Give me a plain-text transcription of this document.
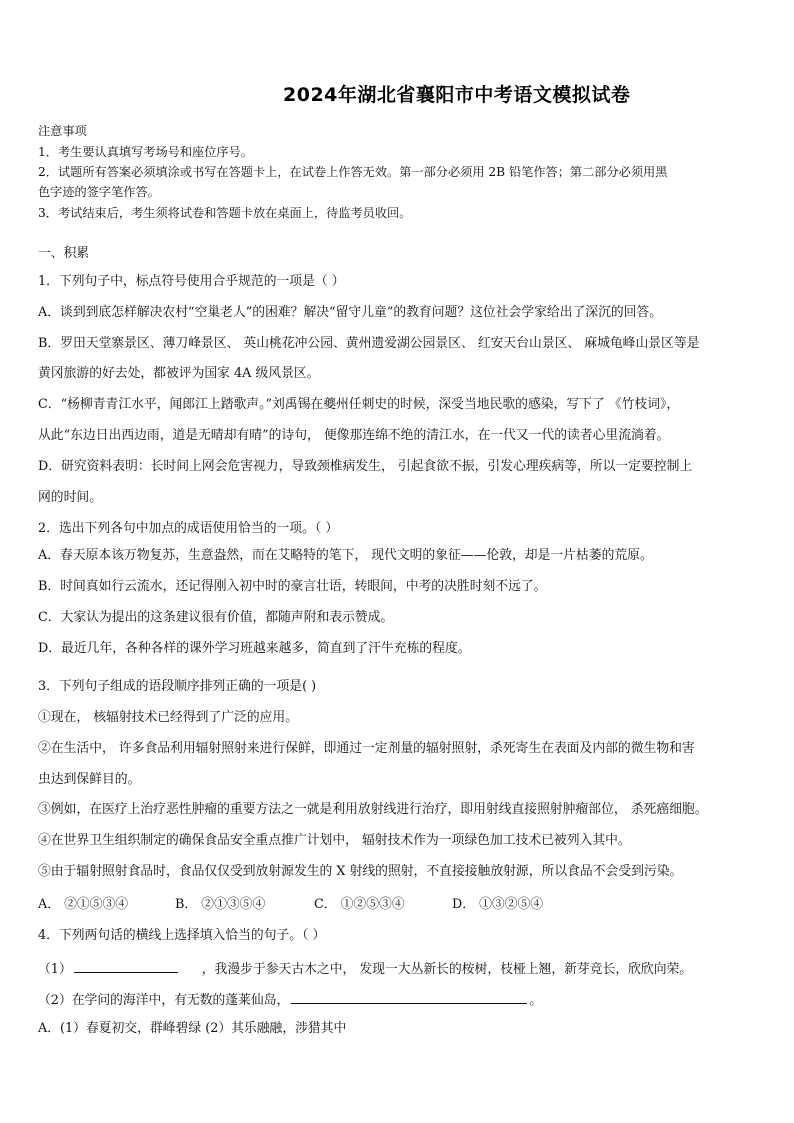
2024年湖北省襄阳市中考语文模拟试卷
注意事项
1．考生要认真填写考场号和座位序号。
2．试题所有答案必须填涂或书写在答题卡上，在试卷上作答无效。第一部分必须用 2B 铅笔作答；第二部分必须用黑
色字迹的签字笔作答。
3．考试结束后，考生须将试卷和答题卡放在桌面上，待监考员收回。
一、积累
1．下列句子中，标点符号使用合乎规范的一项是（ ）
A．谈到到底怎样解决农村“空巢老人”的困难？解决“留守儿童”的教育问题？这位社会学家给出了深沉的回答。
B．罗田天堂寨景区、薄刀峰景区、 英山桃花冲公园、黄州遗爱湖公园景区、 红安天台山景区、 麻城龟峰山景区等是
黄冈旅游的好去处，都被评为国家 4A 级风景区。
C．“杨柳青青江水平，闻郎江上踏歌声。”刘禹锡在夔州任刺史的时候，深受当地民歌的感染，写下了 《竹枝词》，
从此“东边日出西边雨，道是无晴却有晴”的诗句， 便像那连绵不绝的清江水，在一代又一代的读者心里流淌着。
D．研究资料表明：长时间上网会危害视力，导致颈椎病发生， 引起食欲不振，引发心理疾病等，所以一定要控制上
网的时间。
2．选出下列各句中加点的成语使用恰当的一项。（ ）
A．春天原本该万物复苏，生意盎然，而在艾略特的笔下， 现代文明的象征——伦敦，却是一片枯萎的荒原。
B．时间真如行云流水，还记得刚入初中时的豪言壮语，转眼间，中考的决胜时刻不远了。
C．大家认为提出的这条建议很有价值，都随声附和表示赞成。
D．最近几年，各种各样的课外学习班越来越多，简直到了汗牛充栋的程度。
3．下列句子组成的语段顺序排列正确的一项是( )
①现在， 核辐射技术已经得到了广泛的应用。
②在生活中， 许多食品利用辐射照射来进行保鲜，即通过一定剂量的辐射照射，杀死寄生在表面及内部的微生物和害
虫达到保鲜目的。
③例如，在医疗上治疗恶性肿瘤的重要方法之一就是利用放射线进行治疗，即用射线直接照射肿瘤部位， 杀死癌细胞。
④在世界卫生组织制定的确保食品安全重点推广计划中， 辐射技术作为一项绿色加工技术已被列入其中。
⑤由于辐射照射食品时，食品仅仅受到放射源发生的 X 射线的照射，不直接接触放射源，所以食品不会受到污染。
A． ②①⑤③④	B． ②①③⑤④	C． ①②⑤③④	D． ①③②⑤④
4．下列两句话的横线上选择填入恰当的句子。（ ）
（1）	，我漫步于参天古木之中， 发现一大丛新长的桉树，枝桠上翘，新芽竞长，欣欣向荣。
（2）在学问的海洋中，有无数的蓬莱仙岛，	。
A．(1）春夏初交，群峰碧绿 (2）其乐融融，涉猎其中
